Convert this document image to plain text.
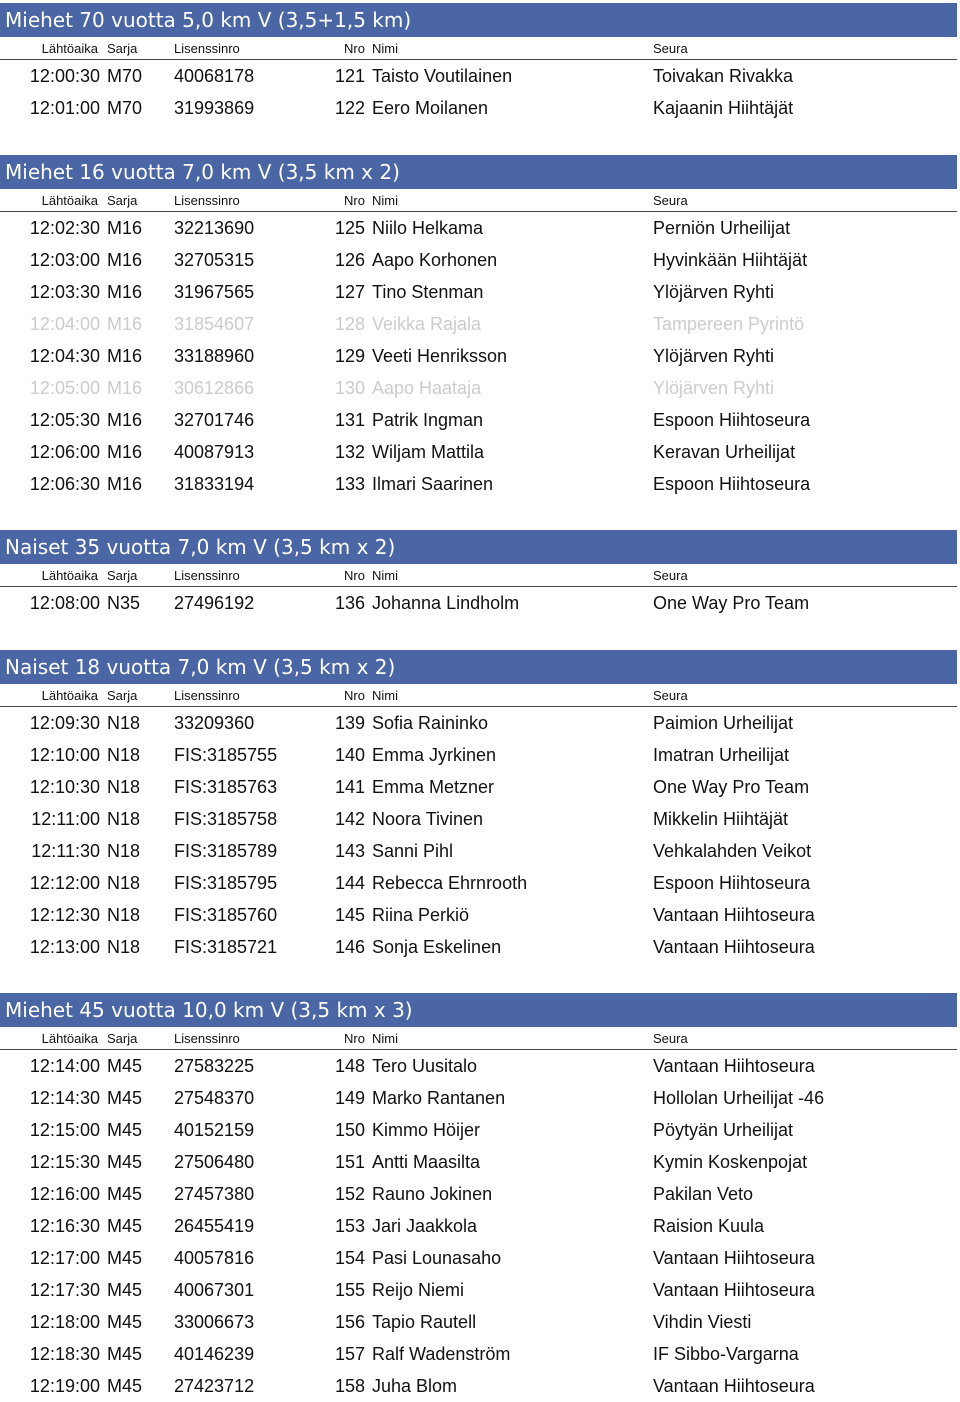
Miehet 70 vuotta 5,0 km V (3,5+1,5 km)
Lähtöaika Sarja	Lisenssinro	Nro Nimi	Seura
12:00:30 M70 40068178	121 Taisto Voutilainen	Toivakan Rivakka
12:01:00 M70 31993869	122 Eero Moilanen	Kajaanin Hiihtäjät
Miehet 16 vuotta 7,0 km V (3,5 km x 2)
Lähtöaika Sarja	Lisenssinro	Nro Nimi	Seura
12:02:30 M16 32213690	125 Niilo Helkama	Perniön Urheilijat
12:03:00 M16 32705315	126 Aapo Korhonen	Hyvinkään Hiihtäjät
12:03:30 M16 31967565	127 Tino Stenman	Ylöjärven Ryhti
12:04:00 M16 31854607	128 Veikka Rajala	Tampereen Pyrintö
12:04:30 M16 33188960	129 Veeti Henriksson	Ylöjärven Ryhti
12:05:00 M16 30612866	130 Aapo Haataja	Ylöjärven Ryhti
12:05:30 M16 32701746	131 Patrik Ingman	Espoon Hiihtoseura
12:06:00 M16 40087913	132 Wiljam Mattila	Keravan Urheilijat
12:06:30 M16 31833194	133 Ilmari Saarinen	Espoon Hiihtoseura
Naiset 35 vuotta 7,0 km V (3,5 km x 2)
Lähtöaika Sarja	Lisenssinro	Nro Nimi	Seura
12:08:00 N35 27496192	136 Johanna Lindholm	One Way Pro Team
Naiset 18 vuotta 7,0 km V (3,5 km x 2)
Lähtöaika Sarja	Lisenssinro	Nro Nimi	Seura
12:09:30 N18 33209360	139 Sofia Raininko	Paimion Urheilijat
12:10:00 N18 FIS:3185755	140 Emma Jyrkinen	Imatran Urheilijat
12:10:30 N18 FIS:3185763	141 Emma Metzner	One Way Pro Team
12:11:00 N18 FIS:3185758	142 Noora Tivinen	Mikkelin Hiihtäjät
12:11:30 N18 FIS:3185789	143 Sanni Pihl	Vehkalahden Veikot
12:12:00 N18 FIS:3185795	144 Rebecca Ehrnrooth	Espoon Hiihtoseura
12:12:30 N18 FIS:3185760	145 Riina Perkiö	Vantaan Hiihtoseura
12:13:00 N18 FIS:3185721	146 Sonja Eskelinen	Vantaan Hiihtoseura
Miehet 45 vuotta 10,0 km V (3,5 km x 3)
Lähtöaika Sarja	Lisenssinro	Nro Nimi	Seura
12:14:00 M45 27583225	148 Tero Uusitalo	Vantaan Hiihtoseura
12:14:30 M45 27548370	149 Marko Rantanen	Hollolan Urheilijat -46
12:15:00 M45 40152159	150 Kimmo Höijer	Pöytyän Urheilijat
12:15:30 M45 27506480	151 Antti Maasilta	Kymin Koskenpojat
12:16:00 M45 27457380	152 Rauno Jokinen	Pakilan Veto
12:16:30 M45 26455419	153 Jari Jaakkola	Raision Kuula
12:17:00 M45 40057816	154 Pasi Lounasaho	Vantaan Hiihtoseura
12:17:30 M45 40067301	155 Reijo Niemi	Vantaan Hiihtoseura
12:18:00 M45 33006673	156 Tapio Rautell	Vihdin Viesti
12:18:30 M45 40146239	157 Ralf Wadenström	IF Sibbo-Vargarna
12:19:00 M45 27423712	158 Juha Blom	Vantaan Hiihtoseura
